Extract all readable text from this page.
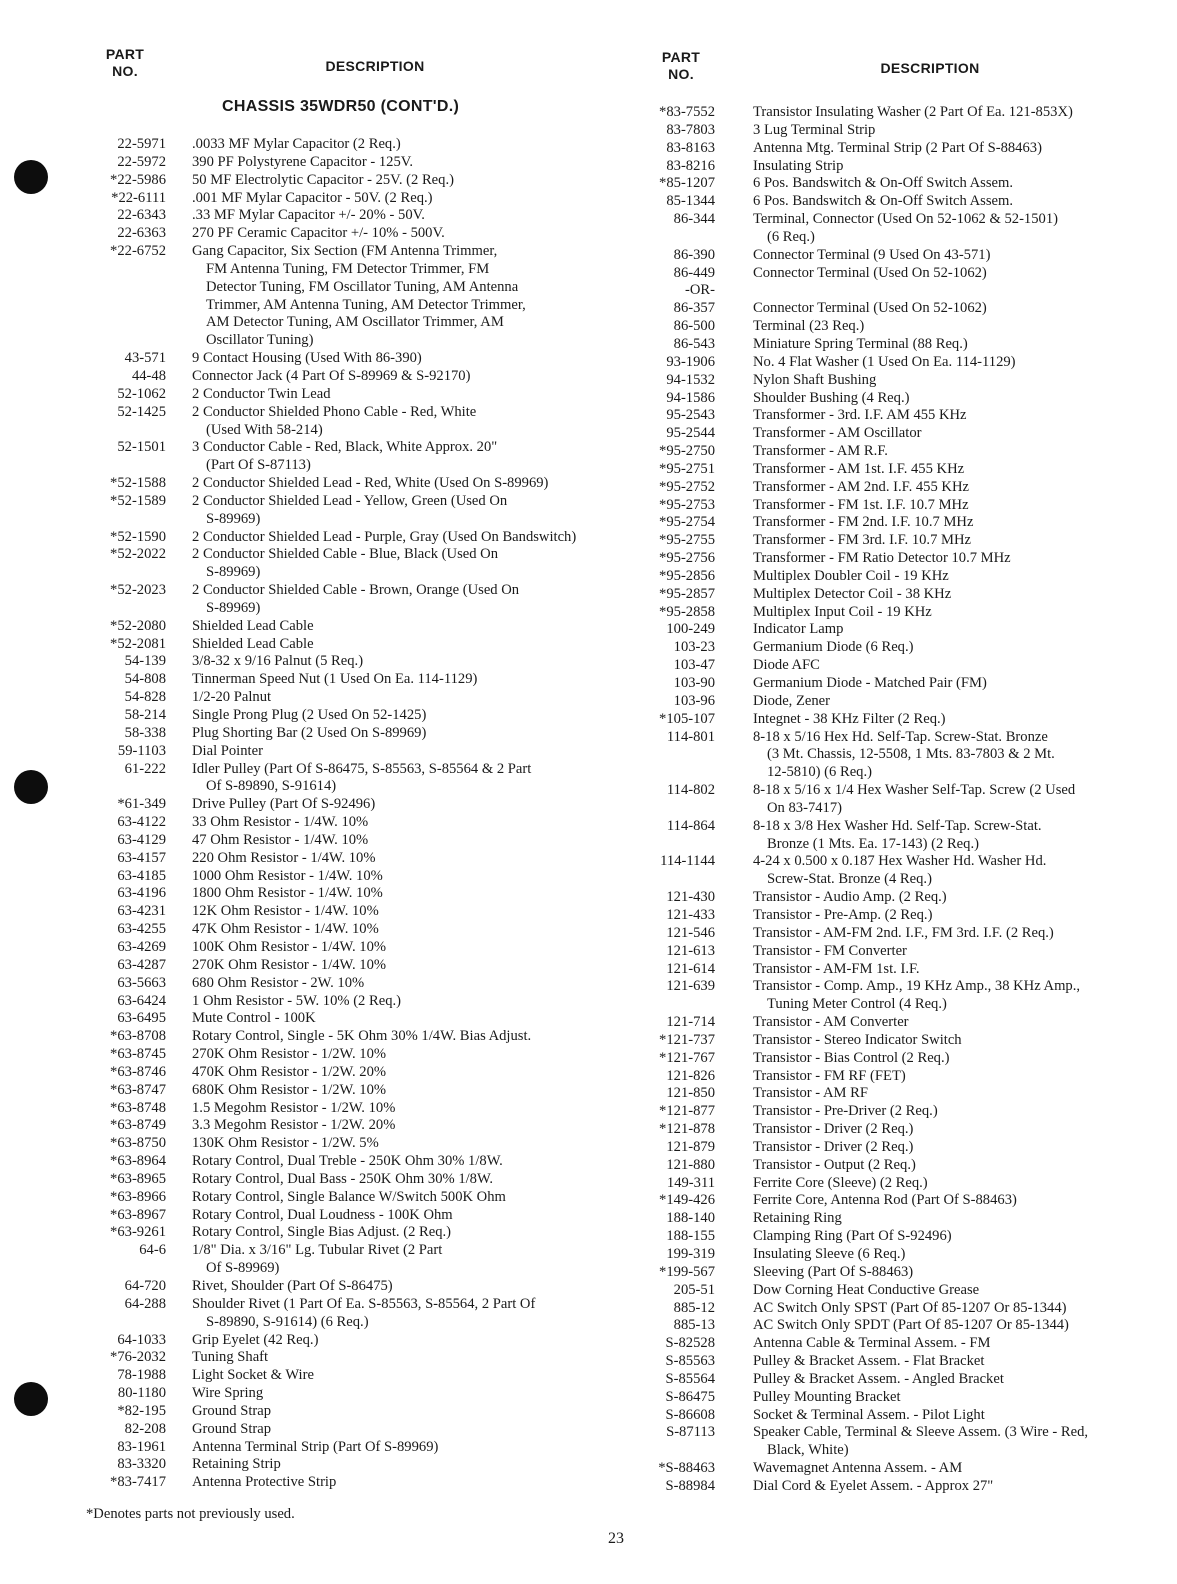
PART
NO.	DESCRIPTION
PART
NO.	DESCRIPTION
CHASSIS 35WDR50 (CONT'D.)
22-5971 .0033 MF Mylar Capacitor (2 Req.)
22-5972 390 PF Polystyrene Capacitor - 125V.
*22-5986 50 MF Electrolytic Capacitor - 25V. (2 Req.)
*22-6111 .001 MF Mylar Capacitor - 50V. (2 Req.)
22-6343 .33 MF Mylar Capacitor +/- 20% - 50V.
22-6363 270 PF Ceramic Capacitor +/- 10% - 500V.
*22-6752 Gang Capacitor, Six Section (FM Antenna Trimmer,
FM Antenna Tuning, FM Detector Trimmer, FM
Detector Tuning, FM Oscillator Tuning, AM Antenna
Trimmer, AM Antenna Tuning, AM Detector Trimmer,
AM Detector Tuning, AM Oscillator Trimmer, AM
Oscillator Tuning)
43-571 9 Contact Housing (Used With 86-390)
44-48 Connector Jack (4 Part Of S-89969 & S-92170)
52-1062 2 Conductor Twin Lead
52-1425 2 Conductor Shielded Phono Cable - Red, White
(Used With 58-214)
52-1501 3 Conductor Cable - Red, Black, White Approx. 20"
(Part Of S-87113)
*52-1588 2 Conductor Shielded Lead - Red, White (Used On S-89969)
*52-1589 2 Conductor Shielded Lead - Yellow, Green (Used On
S-89969)
*52-1590 2 Conductor Shielded Lead - Purple, Gray (Used On Bandswitch)
*52-2022 2 Conductor Shielded Cable - Blue, Black (Used On
S-89969)
*52-2023 2 Conductor Shielded Cable - Brown, Orange (Used On
S-89969)
*52-2080 Shielded Lead Cable
*52-2081 Shielded Lead Cable
54-139 3/8-32 x 9/16 Palnut (5 Req.)
54-808 Tinnerman Speed Nut (1 Used On Ea. 114-1129)
54-828 1/2-20 Palnut
58-214 Single Prong Plug (2 Used On 52-1425)
58-338 Plug Shorting Bar (2 Used On S-89969)
59-1103 Dial Pointer
61-222 Idler Pulley (Part Of S-86475, S-85563, S-85564 & 2 Part
Of S-89890, S-91614)
*61-349 Drive Pulley (Part Of S-92496)
63-4122 33 Ohm Resistor - 1/4W. 10%
63-4129 47 Ohm Resistor - 1/4W. 10%
63-4157 220 Ohm Resistor - 1/4W. 10%
63-4185 1000 Ohm Resistor - 1/4W. 10%
63-4196 1800 Ohm Resistor - 1/4W. 10%
63-4231 12K Ohm Resistor - 1/4W. 10%
63-4255 47K Ohm Resistor - 1/4W. 10%
63-4269 100K Ohm Resistor - 1/4W. 10%
63-4287 270K Ohm Resistor - 1/4W. 10%
63-5663 680 Ohm Resistor - 2W. 10%
63-6424 1 Ohm Resistor - 5W. 10% (2 Req.)
63-6495 Mute Control - 100K
*63-8708 Rotary Control, Single - 5K Ohm 30% 1/4W. Bias Adjust.
*63-8745 270K Ohm Resistor - 1/2W. 10%
*63-8746 470K Ohm Resistor - 1/2W. 20%
*63-8747 680K Ohm Resistor - 1/2W. 10%
*63-8748 1.5 Megohm Resistor - 1/2W. 10%
*63-8749 3.3 Megohm Resistor - 1/2W. 20%
*63-8750 130K Ohm Resistor - 1/2W. 5%
*63-8964 Rotary Control, Dual Treble - 250K Ohm 30% 1/8W.
*63-8965 Rotary Control, Dual Bass - 250K Ohm 30% 1/8W.
*63-8966 Rotary Control, Single Balance W/Switch 500K Ohm
*63-8967 Rotary Control, Dual Loudness - 100K Ohm
*63-9261 Rotary Control, Single Bias Adjust. (2 Req.)
64-6 1/8" Dia. x 3/16" Lg. Tubular Rivet (2 Part
Of S-89969)
64-720 Rivet, Shoulder (Part Of S-86475)
64-288 Shoulder Rivet (1 Part Of Ea. S-85563, S-85564, 2 Part Of
S-89890, S-91614) (6 Req.)
64-1033 Grip Eyelet (42 Req.)
*76-2032 Tuning Shaft
78-1988 Light Socket & Wire
80-1180 Wire Spring
*82-195 Ground Strap
82-208 Ground Strap
83-1961 Antenna Terminal Strip (Part Of S-89969)
83-3320 Retaining Strip
*83-7417 Antenna Protective Strip
*83-7552	Transistor Insulating Washer (2 Part Of Ea. 121-853X)
83-7803	3 Lug Terminal Strip
83-8163	Antenna Mtg. Terminal Strip (2 Part Of S-88463)
83-8216	Insulating Strip
*85-1207	6 Pos. Bandswitch & On-Off Switch Assem.
85-1344	6 Pos. Bandswitch & On-Off Switch Assem.
86-344	Terminal, Connector (Used On 52-1062 & 52-1501)
(6 Req.)
86-390	Connector Terminal (9 Used On 43-571)
86-449	Connector Terminal (Used On 52-1062)
-OR-

86-357	Connector Terminal (Used On 52-1062)
86-500	Terminal (23 Req.)
86-543	Miniature Spring Terminal (88 Req.)
93-1906	No. 4 Flat Washer (1 Used On Ea. 114-1129)
94-1532	Nylon Shaft Bushing
94-1586	Shoulder Bushing (4 Req.)
95-2543	Transformer - 3rd. I.F. AM 455 KHz
95-2544	Transformer - AM Oscillator
*95-2750	Transformer - AM R.F.
*95-2751	Transformer - AM 1st. I.F. 455 KHz
*95-2752	Transformer - AM 2nd. I.F. 455 KHz
*95-2753	Transformer - FM 1st. I.F. 10.7 MHz
*95-2754	Transformer - FM 2nd. I.F. 10.7 MHz
*95-2755	Transformer - FM 3rd. I.F. 10.7 MHz
*95-2756	Transformer - FM Ratio Detector 10.7 MHz
*95-2856	Multiplex Doubler Coil - 19 KHz
*95-2857	Multiplex Detector Coil - 38 KHz
*95-2858	Multiplex Input Coil - 19 KHz
100-249	Indicator Lamp
103-23	Germanium Diode (6 Req.)
103-47	Diode AFC
103-90	Germanium Diode - Matched Pair (FM)
103-96	Diode, Zener
*105-107	Integnet - 38 KHz Filter (2 Req.)
114-801	8-18 x 5/16 Hex Hd. Self-Tap. Screw-Stat. Bronze
(3 Mt. Chassis, 12-5508, 1 Mts. 83-7803 & 2 Mt.
12-5810) (6 Req.)
114-802	8-18 x 5/16 x 1/4 Hex Washer Self-Tap. Screw (2 Used
On 83-7417)
114-864	8-18 x 3/8 Hex Washer Hd. Self-Tap. Screw-Stat.
Bronze (1 Mts. Ea. 17-143) (2 Req.)
114-1144	4-24 x 0.500 x 0.187 Hex Washer Hd. Washer Hd.
Screw-Stat. Bronze (4 Req.)
121-430	Transistor - Audio Amp. (2 Req.)
121-433	Transistor - Pre-Amp. (2 Req.)
121-546	Transistor - AM-FM 2nd. I.F., FM 3rd. I.F. (2 Req.)
121-613	Transistor - FM Converter
121-614	Transistor - AM-FM 1st. I.F.
121-639	Transistor - Comp. Amp., 19 KHz Amp., 38 KHz Amp.,
Tuning Meter Control (4 Req.)
121-714	Transistor - AM Converter
*121-737	Transistor - Stereo Indicator Switch
*121-767	Transistor - Bias Control (2 Req.)
121-826	Transistor - FM RF (FET)
121-850	Transistor - AM RF
*121-877	Transistor - Pre-Driver (2 Req.)
*121-878	Transistor - Driver (2 Req.)
121-879	Transistor - Driver (2 Req.)
121-880	Transistor - Output (2 Req.)
149-311	Ferrite Core (Sleeve) (2 Req.)
*149-426	Ferrite Core, Antenna Rod (Part Of S-88463)
188-140	Retaining Ring
188-155	Clamping Ring (Part Of S-92496)
199-319	Insulating Sleeve (6 Req.)
*199-567	Sleeving (Part Of S-88463)
205-51	Dow Corning Heat Conductive Grease
885-12	AC Switch Only SPST (Part Of 85-1207 Or 85-1344)
885-13	AC Switch Only SPDT (Part Of 85-1207 Or 85-1344)
S-82528	Antenna Cable & Terminal Assem. - FM
S-85563	Pulley & Bracket Assem. - Flat Bracket
S-85564	Pulley & Bracket Assem. - Angled Bracket
S-86475	Pulley Mounting Bracket
S-86608	Socket & Terminal Assem. - Pilot Light
S-87113	Speaker Cable, Terminal & Sleeve Assem. (3 Wire - Red,
Black, White)
*S-88463	Wavemagnet Antenna Assem. - AM
S-88984	Dial Cord & Eyelet Assem. - Approx 27"
*Denotes parts not previously used.
23
